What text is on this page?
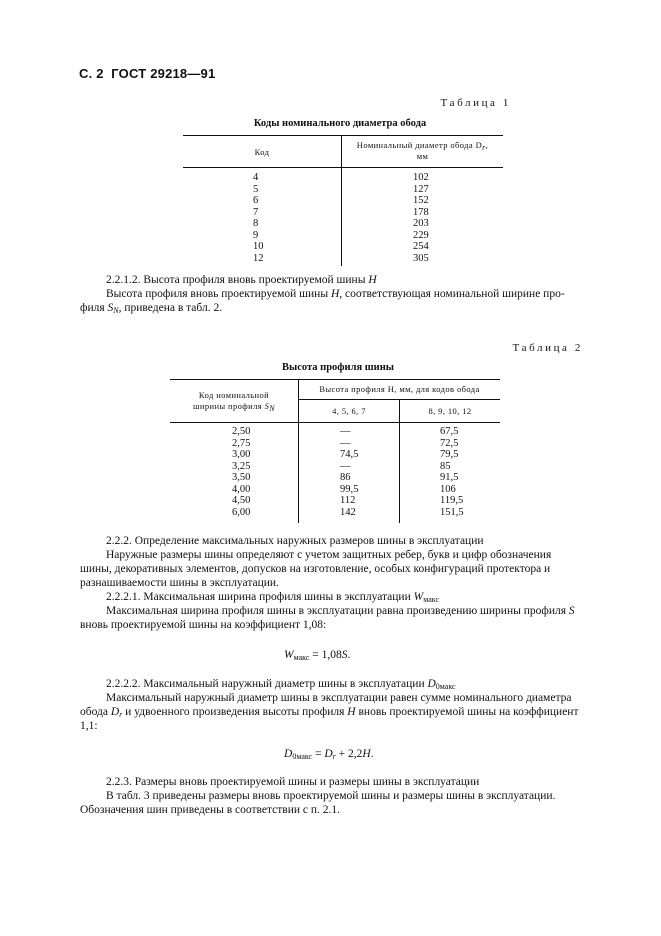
С. 2 ГОСТ 29218—91
Таблица 1
Коды номинального диаметра обода
Код
Номинальный диаметр обода $D_r$,
мм
4
5
6
7
8
9
10
12
102
127
152
178
203
229
254
305
2.2.1.2. Высота профиля вновь проектируемой шины H
Высота профиля вновь проектируемой шины H, соответствующая номинальной ширине про-
филя $S_N$, приведена в табл. 2.
Таблица 2
Высота профиля шины
Код номинальной
ширины профиля $S_N$
Высота профиля H, мм, для кодов обода
4, 5, 6, 7	8, 9, 10, 12
2,50
2,75
3,00
3,25
3,50
4,00
4,50
6,00
—
—
74,5
—
86
99,5
112
142
67,5
72,5
79,5
85
91,5
106
119,5
151,5
2.2.2. Определение максимальных наружных размеров шины в эксплуатации
Наружные размеры шины определяют с учетом защитных ребер, букв и цифр обозначения
шины, декоративных элементов, допусков на изготовление, особых конфигураций протектора и
разнашиваемости шины в эксплуатации.
2.2.2.1. Максимальная ширина профиля шины в эксплуатации $W_{макс}$
Максимальная ширина профиля шины в эксплуатации равна произведению ширины профиля S
вновь проектируемой шины на коэффициент 1,08:
$W_{макс} = 1,08S$.
2.2.2.2. Максимальный наружный диаметр шины в эксплуатации $D_{0макс}$
Максимальный наружный диаметр шины в эксплуатации равен сумме номинального диаметра
обода $D_r$ и удвоенного произведения высоты профиля H вновь проектируемой шины на коэффициент
1,1:
$D_{0макс} = D_r + 2,2H$.
2.2.3. Размеры вновь проектируемой шины и размеры шины в эксплуатации
В табл. 3 приведены размеры вновь проектируемой шины и размеры шины в эксплуатации.
Обозначения шин приведены в соответствии с п. 2.1.
